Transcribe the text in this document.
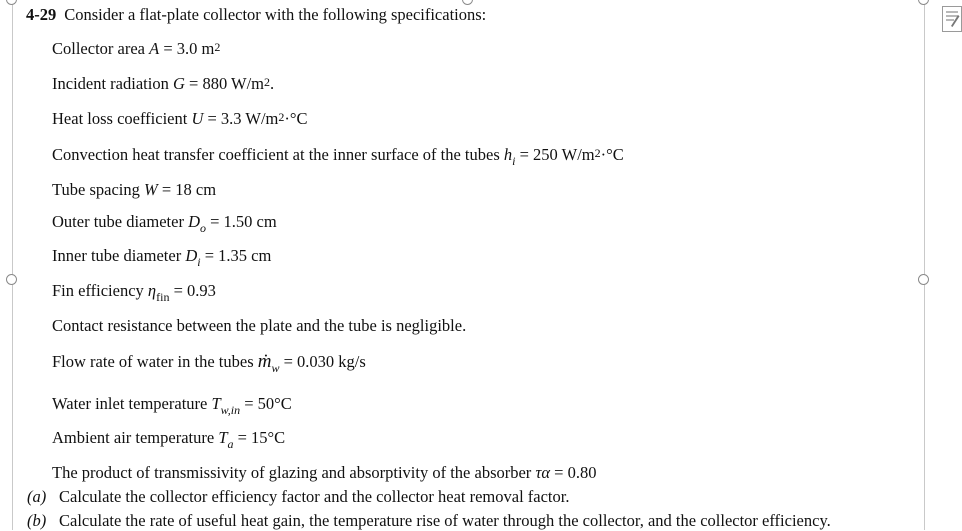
4-29 Consider a flat-plate collector with the following specifications:
Collector area A = 3.0 $m^2$
Incident radiation G = 880 $W/m^2$.
Heat loss coefficient U = 3.3 $W/m^2\cdot^\circ C$
Convection heat transfer coefficient at the inner surface of the tubes $h_i = 250$ $W/m^2\cdot^\circ C$
Tube spacing W = 18 cm
Outer tube diameter $D_o = 1.50$ cm
Inner tube diameter $D_i = 1.35$ cm
Fin efficiency $\eta_{fin} = 0.93$
Contact resistance between the plate and the tube is negligible.
Flow rate of water in the tubes ṁ$_w$ = 0.030 kg/s
Water inlet temperature $T_{w,in} = 50^\circ C$
Ambient air temperature $T_a = 15^\circ C$
The product of transmissivity of glazing and absorptivity of the absorber τα = 0.80
(a) Calculate the collector efficiency factor and the collector heat removal factor.
(b) Calculate the rate of useful heat gain, the temperature rise of water through the collector, and the collector efficiency.
